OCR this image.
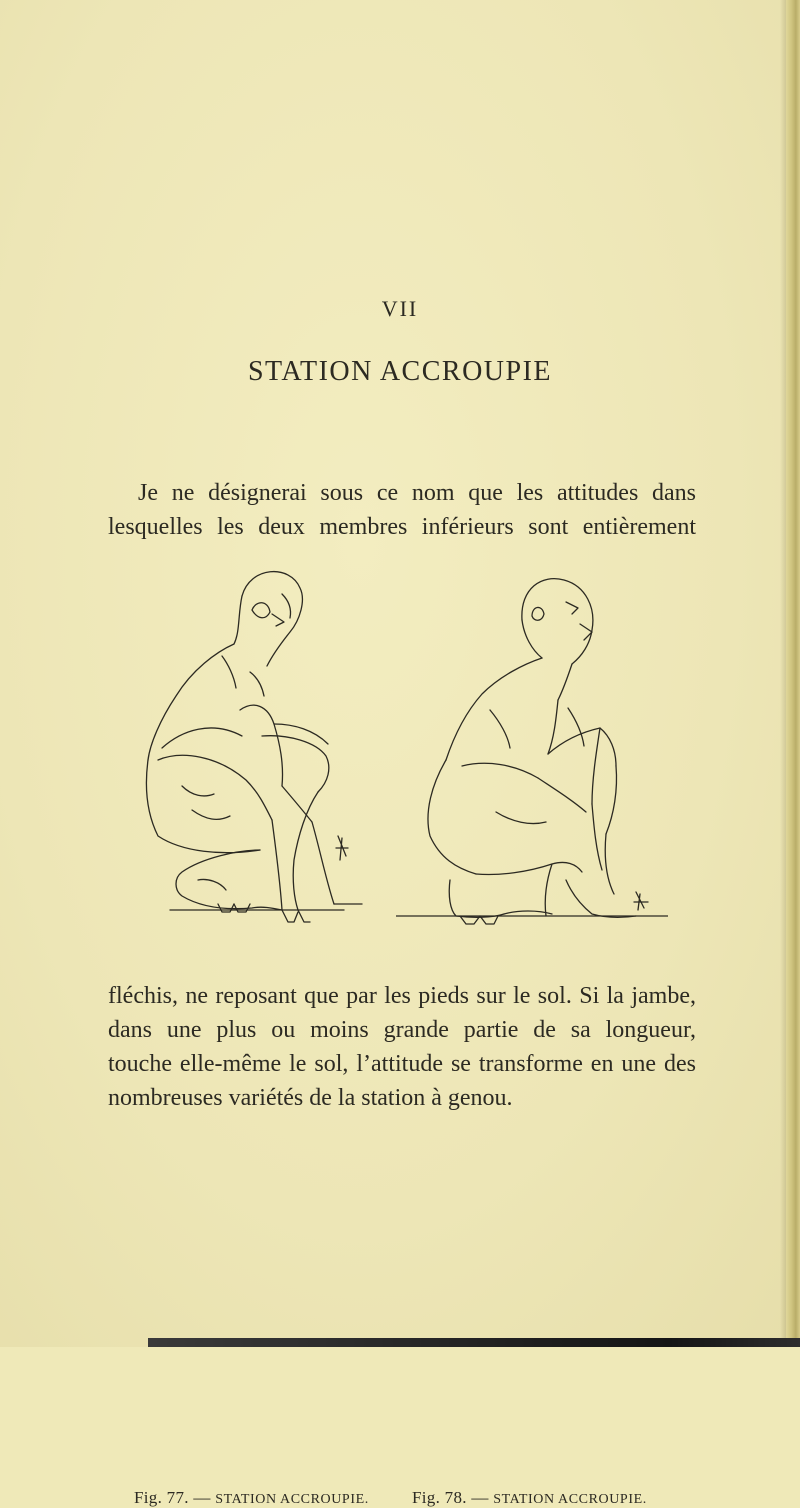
VII
STATION ACCROUPIE

Je ne désignerai sous ce nom que les attitudes dans
lesquelles les deux membres inférieurs sont entièrement

Fig. 77. — STATION ACCROUPIE.	Fig. 78. — STATION ACCROUPIE.

fléchis, ne reposant que par les pieds sur le sol. Si la jambe,
dans une plus ou moins grande partie de sa longueur,
touche elle-même le sol, l’attitude se transforme en une des
nombreuses variétés de la station à genou.
